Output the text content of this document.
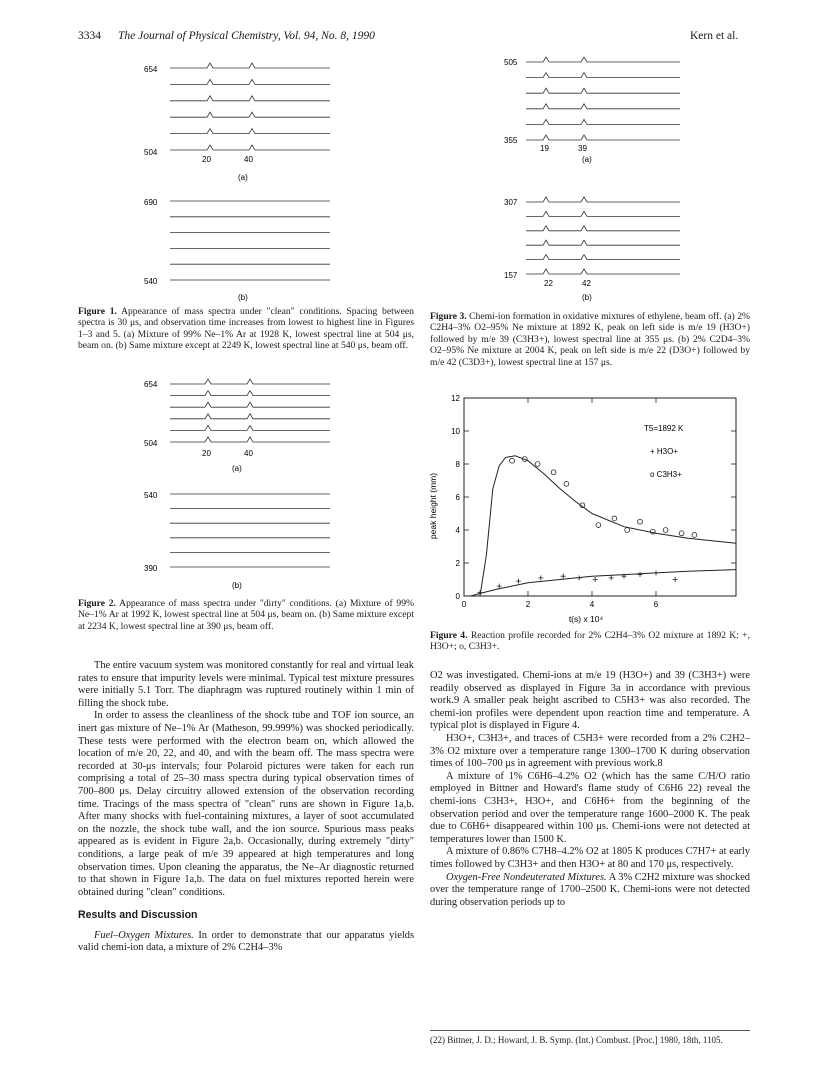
3334 The Journal of Physical Chemistry, Vol. 94, No. 8, 1990	Kern et al.
654
504
20	40
(a)
690
540
(b)
Figure 1. Appearance of mass spectra under "clean" conditions. Spacing between spectra is 30 μs, and observation time increases from lowest to highest line in Figures 1–3 and 5. (a) Mixture of 99% Ne–1% Ar at 1928 K, lowest spectral line at 504 μs, beam on. (b) Same mixture except at 2249 K, lowest spectral line at 540 μs, beam off.
654
504
20	40
(a)
540
390
(b)
Figure 2. Appearance of mass spectra under "dirty" conditions. (a) Mixture of 99% Ne–1% Ar at 1992 K, lowest spectral line at 504 μs, beam on. (b) Same mixture except at 2234 K, lowest spectral line at 390 μs, beam off.

The entire vacuum system was monitored constantly for real and virtual leak rates to ensure that impurity levels were minimal. Typical test mixture pressures were initially 5.1 Torr. The diaphragm was ruptured routinely within 1 min of filling the shock tube.

In order to assess the cleanliness of the shock tube and TOF ion source, an inert gas mixture of Ne–1% Ar (Matheson, 99.999%) was shocked periodically. These tests were performed with the electron beam on, which allowed the location of m/e 20, 22, and 40, and with the beam off. The mass spectra were recorded at 30-μs intervals; four Polaroid pictures were taken for each run comprising a total of 25–30 mass spectra during typical observation times of 700–800 μs. Delay circuitry allowed extension of the observation recording time. Tracings of the mass spectra of "clean" runs are shown in Figure 1a,b. After many shocks with fuel-containing mixtures, a layer of soot accumulated on the nozzle, the shock tube wall, and the ion source. Spurious mass peaks appeared as is evident in Figure 2a,b. Occasionally, during extremely "dirty" conditions, a large peak of m/e 39 appeared at high temperatures and long observation times. Upon cleaning the apparatus, the Ne–Ar diagnostic returned to that shown in Figure 1a,b. The data on fuel mixtures reported herein were obtained during "clean" conditions.

Results and Discussion

Fuel–Oxygen Mixtures. In order to demonstrate that our apparatus yields valid chemi-ion data, a mixture of 2% C2H4–3%

505
355
19	39
(a)
307
157
22	42
(b)
Figure 3. Chemi-ion formation in oxidative mixtures of ethylene, beam off. (a) 2% C2H4–3% O2–95% Ne mixture at 1892 K, peak on left side is m/e 19 (H3O+) followed by m/e 39 (C3H3+), lowest spectral line at 355 μs. (b) 2% C2D4–3% O2–95% Ne mixture at 2004 K, peak on left side is m/e 22 (D3O+) followed by m/e 42 (C3D3+), lowest spectral line at 157 μs.
0	2	4	6
0
2
4
6
8
10
12
T5=1892 K
+ H3O+
o C3H3+
t(s) x 10⁴
peak height (mm)
Figure 4. Reaction profile recorded for 2% C2H4–3% O2 mixture at 1892 K: +, H3O+; o, C3H3+.

O2 was investigated. Chemi-ions at m/e 19 (H3O+) and 39 (C3H3+) were readily observed as displayed in Figure 3a in accordance with previous work.9 A smaller peak height ascribed to C5H3+ was also recorded. The chemi-ion profiles were dependent upon reaction time and temperature. A typical plot is displayed in Figure 4.

H3O+, C3H3+, and traces of C5H3+ were recorded from a 2% C2H2–3% O2 mixture over a temperature range 1300–1700 K during observation times of 100–700 μs in agreement with previous work.8

A mixture of 1% C6H6–4.2% O2 (which has the same C/H/O ratio employed in Bittner and Howard's flame study of C6H6 22) reveal the chemi-ions C3H3+, H3O+, and C6H6+ from the beginning of the observation period and over the temperature range 1600–2000 K. The peak due to C6H6+ disappeared within 100 μs. Chemi-ions were not detected at temperatures lower than 1500 K.

A mixture of 0.86% C7H8–4.2% O2 at 1805 K produces C7H7+ at early times followed by C3H3+ and then H3O+ at 80 and 170 μs, respectively.

Oxygen-Free Nondeuterated Mixtures. A 3% C2H2 mixture was shocked over the temperature range of 1700–2500 K. Chemi-ions were not detected during observation periods up to

(22) Bittner, J. D.; Howard, J. B. Symp. (Int.) Combust. [Proc.] 1980, 18th, 1105.
